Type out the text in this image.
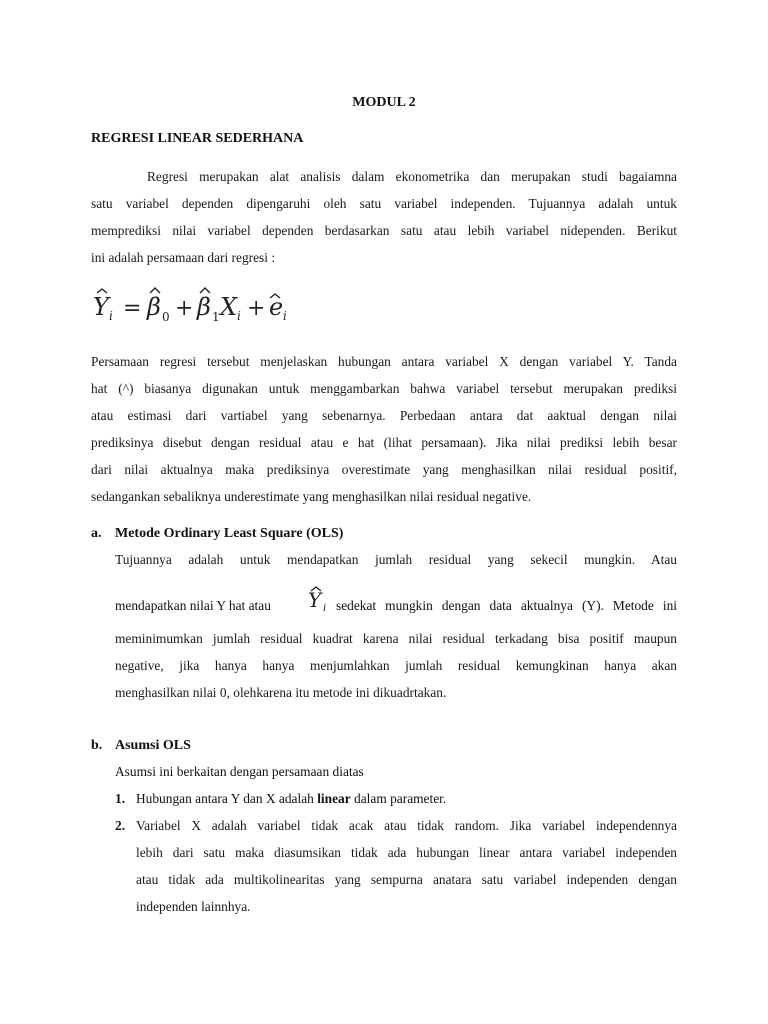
MODUL 2
REGRESI LINEAR SEDERHANA
Regresi merupakan alat analisis dalam ekonometrika dan merupakan studi bagaiamna
satu variabel dependen dipengaruhi oleh satu variabel independen. Tujuannya adalah untuk
memprediksi nilai variabel dependen berdasarkan satu atau lebih variabel nidependen. Berikut
ini adalah persamaan dari regresi :
Y i = β 0 + β 1 X i + e i
Persamaan regresi tersebut menjelaskan hubungan antara variabel X dengan variabel Y. Tanda
hat (^) biasanya digunakan untuk menggambarkan bahwa variabel tersebut merupakan prediksi
atau estimasi dari vartiabel yang sebenarnya. Perbedaan antara dat aaktual dengan nilai
prediksinya disebut dengan residual atau e hat (lihat persamaan). Jika nilai prediksi lebih besar
dari nilai aktualnya maka prediksinya overestimate yang menghasilkan nilai residual positif,
sedangankan sebaliknya underestimate yang menghasilkan nilai residual negative.
a. Metode Ordinary Least Square (OLS)
Tujuannya adalah untuk mendapatkan jumlah residual yang sekecil mungkin. Atau
mendapatkan nilai Y hat atau Y i sedekat mungkin dengan data aktualnya (Y). Metode ini
meminimumkan jumlah residual kuadrat karena nilai residual terkadang bisa positif maupun
negative, jika hanya hanya menjumlahkan jumlah residual kemungkinan hanya akan
menghasilkan nilai 0, olehkarena itu metode ini dikuadrtakan.
b. Asumsi OLS
Asumsi ini berkaitan dengan persamaan diatas
1. Hubungan antara Y dan X adalah linear dalam parameter.
2. Variabel X adalah variabel tidak acak atau tidak random. Jika variabel independennya
lebih dari satu maka diasumsikan tidak ada hubungan linear antara variabel independen
atau tidak ada multikolinearitas yang sempurna anatara satu variabel independen dengan
independen lainnhya.
